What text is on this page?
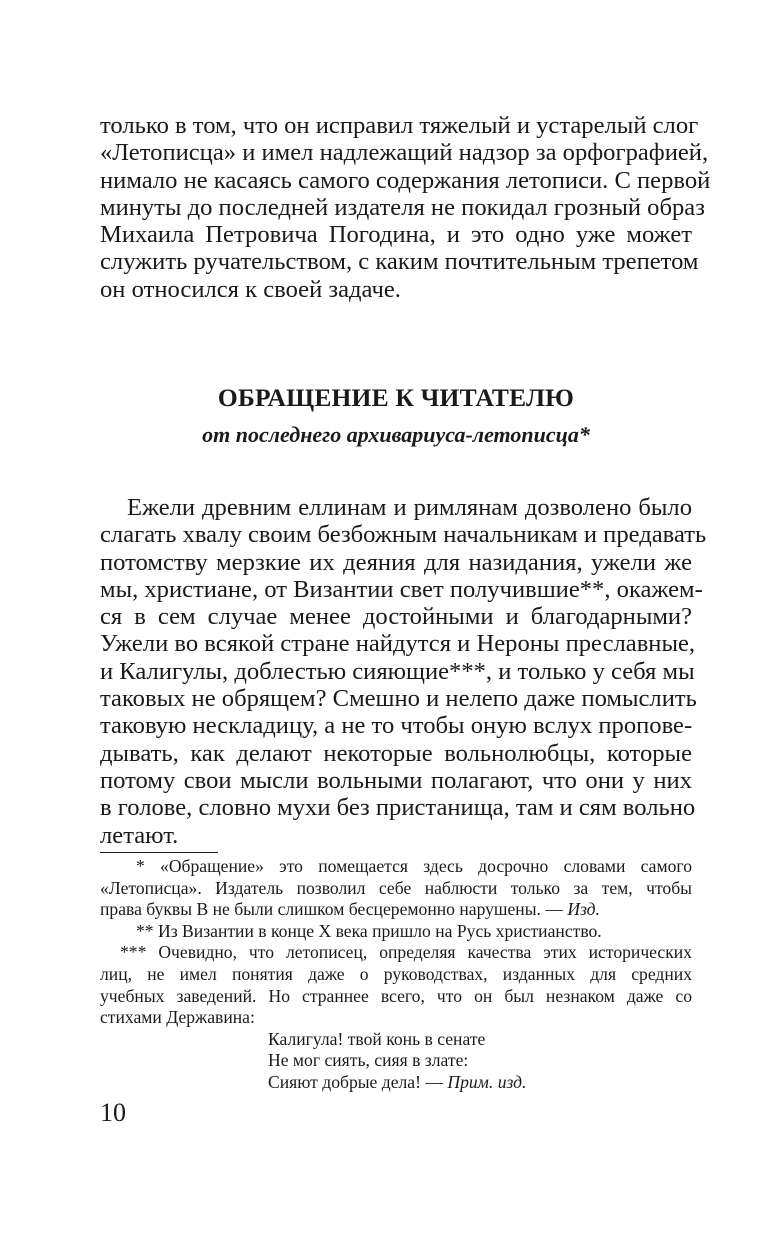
только в том, что он исправил тяжелый и устарелый слог
«Летописца» и имел надлежащий надзор за орфографией,
нимало не касаясь самого содержания летописи. С первой
минуты до последней издателя не покидал грозный образ
Михаила Петровича Погодина, и это одно уже может
служить ручательством, с каким почтительным трепетом
он относился к своей задаче.
ОБРАЩЕНИЕ К ЧИТАТЕЛЮ
от последнего архивариуса-летописца*
Ежели древним еллинам и римлянам дозволено было
слагать хвалу своим безбожным начальникам и предавать
потомству мерзкие их деяния для назидания, ужели же
мы, христиане, от Византии свет получившие**, окажем-
ся в сем случае менее достойными и благодарными?
Ужели во всякой стране найдутся и Нероны преславные,
и Калигулы, доблестью сияющие***, и только у себя мы
таковых не обрящем? Смешно и нелепо даже помыслить
таковую нескладицу, а не то чтобы оную вслух пропове-
дывать, как делают некоторые вольнолюбцы, которые
потому свои мысли вольными полагают, что они у них
в голове, словно мухи без пристанища, там и сям вольно
летают.
* «Обращение» это помещается здесь досрочно словами самого
«Летописца». Издатель позволил себе наблюсти только за тем, чтобы
права буквы В не были слишком бесцеремонно нарушены. — Изд.
** Из Византии в конце X века пришло на Русь христианство.
*** Очевидно, что летописец, определяя качества этих исторических
лиц, не имел понятия даже о руководствах, изданных для средних
учебных заведений. Но страннее всего, что он был незнаком даже со
стихами Державина:
Калигула! твой конь в сенате
Не мог сиять, сияя в злате:
Сияют добрые дела! — Прим. изд.
10
